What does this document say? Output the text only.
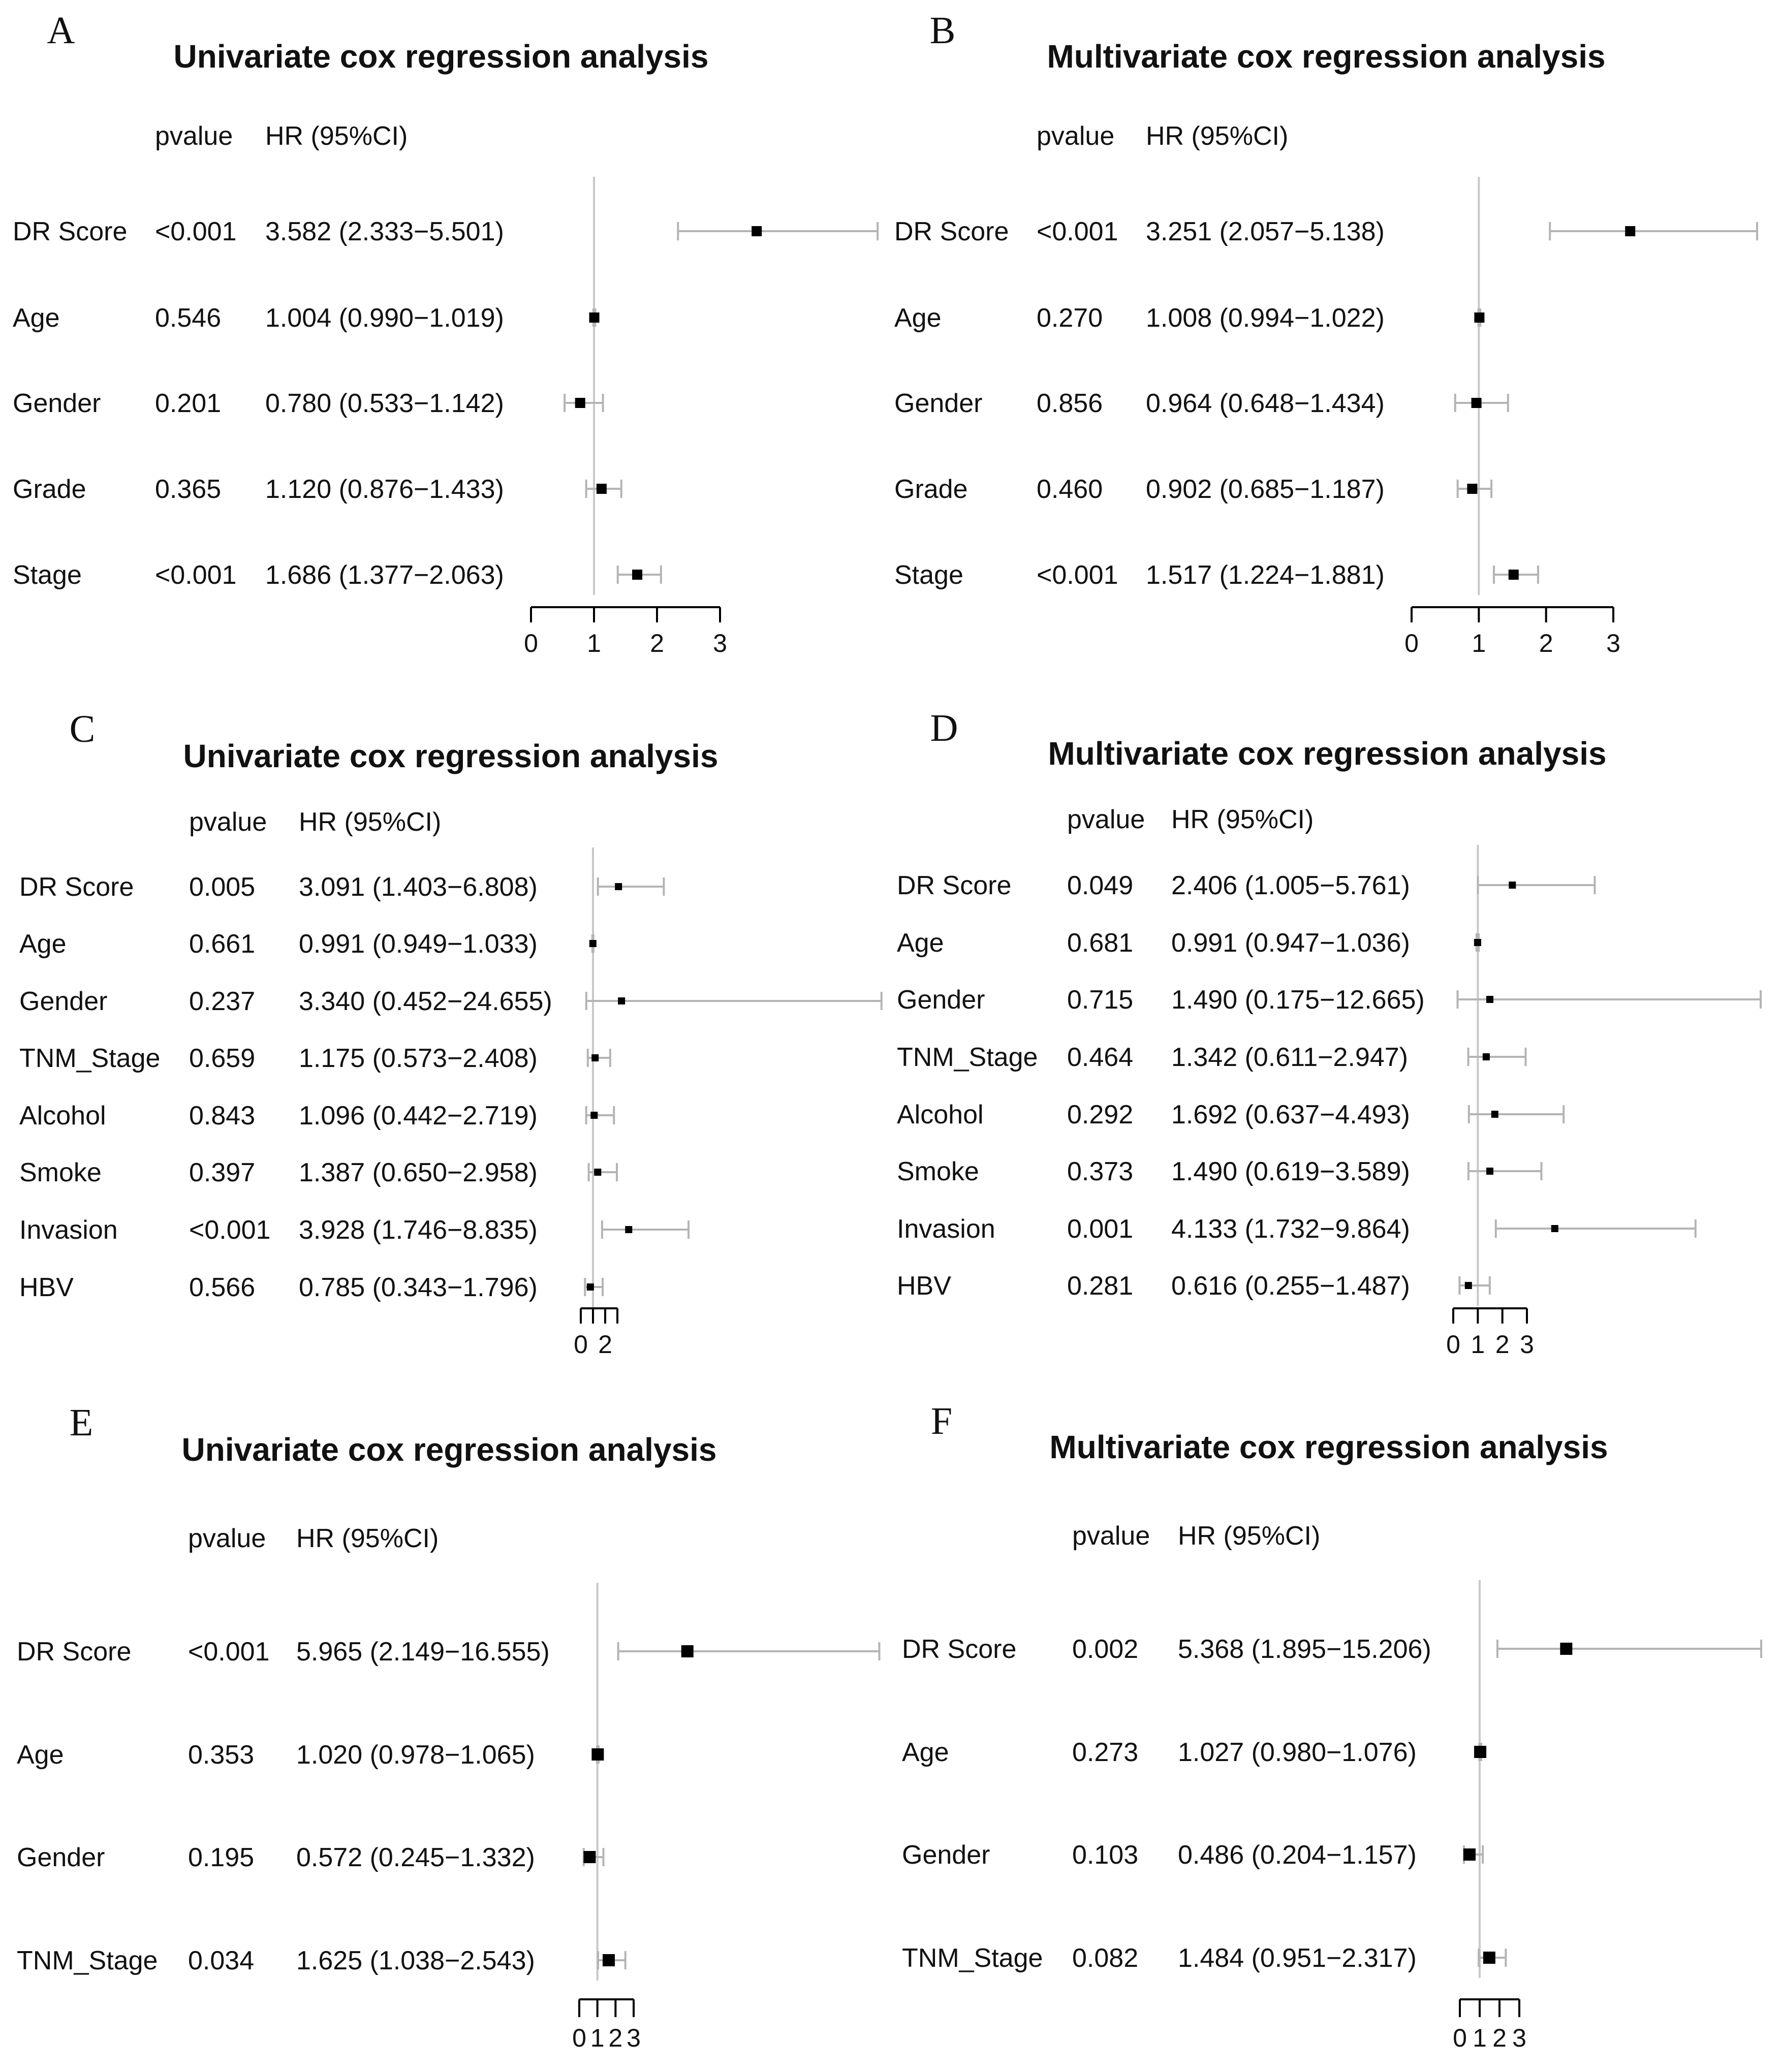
A
Univariate cox regression analysis
pvalue HR (95%CI)
DR Score <0.001 3.582 (2.333−5.501)
Age	0.546 1.004 (0.990−1.019)
Gender 0.201 0.780 (0.533−1.142)
Grade	0.365 1.120 (0.876−1.433)
Stage	<0.001 1.686 (1.377−2.063)
0 1 2 3
B
Multivariate cox regression analysis
pvalue HR (95%CI)
DR Score <0.001 3.251 (2.057−5.138)
Age	0.270 1.008 (0.994−1.022)
Gender 0.856 0.964 (0.648−1.434)
Grade	0.460 0.902 (0.685−1.187)
Stage	<0.001 1.517 (1.224−1.881)
0 1 2 3
C
Univariate cox regression analysis
pvalue HR (95%CI)
DR Score 0.005 3.091 (1.403−6.808)
Age	0.661 0.991 (0.949−1.033)
Gender	0.237 3.340 (0.452−24.655)
TNM_Stage 0.659 1.175 (0.573−2.408)
Alcohol	0.843 1.096 (0.442−2.719)
Smoke	0.397 1.387 (0.650−2.958)
Invasion	<0.001 3.928 (1.746−8.835)
HBV	0.566 0.785 (0.343−1.796)
0 2
D
Multivariate cox regression analysis
pvalue HR (95%CI)
DR Score 0.049 2.406 (1.005−5.761)
Age	0.681 0.991 (0.947−1.036)
Gender	0.715 1.490 (0.175−12.665)
TNM_Stage 0.464 1.342 (0.611−2.947)
Alcohol	0.292 1.692 (0.637−4.493)
Smoke	0.373 1.490 (0.619−3.589)
Invasion	0.001 4.133 (1.732−9.864)
HBV	0.281 0.616 (0.255−1.487)
0 1 2 3
E
Univariate cox regression analysis
pvalue HR (95%CI)
DR Score <0.001 5.965 (2.149−16.555)
Age	0.353 1.020 (0.978−1.065)
Gender	0.195 0.572 (0.245−1.332)
TNM_Stage 0.034 1.625 (1.038−2.543)
0 1 2 3
F
Multivariate cox regression analysis
pvalue HR (95%CI)
DR Score 0.002 5.368 (1.895−15.206)
Age	0.273 1.027 (0.980−1.076)
Gender	0.103 0.486 (0.204−1.157)
TNM_Stage 0.082 1.484 (0.951−2.317)
0 1 2 3
